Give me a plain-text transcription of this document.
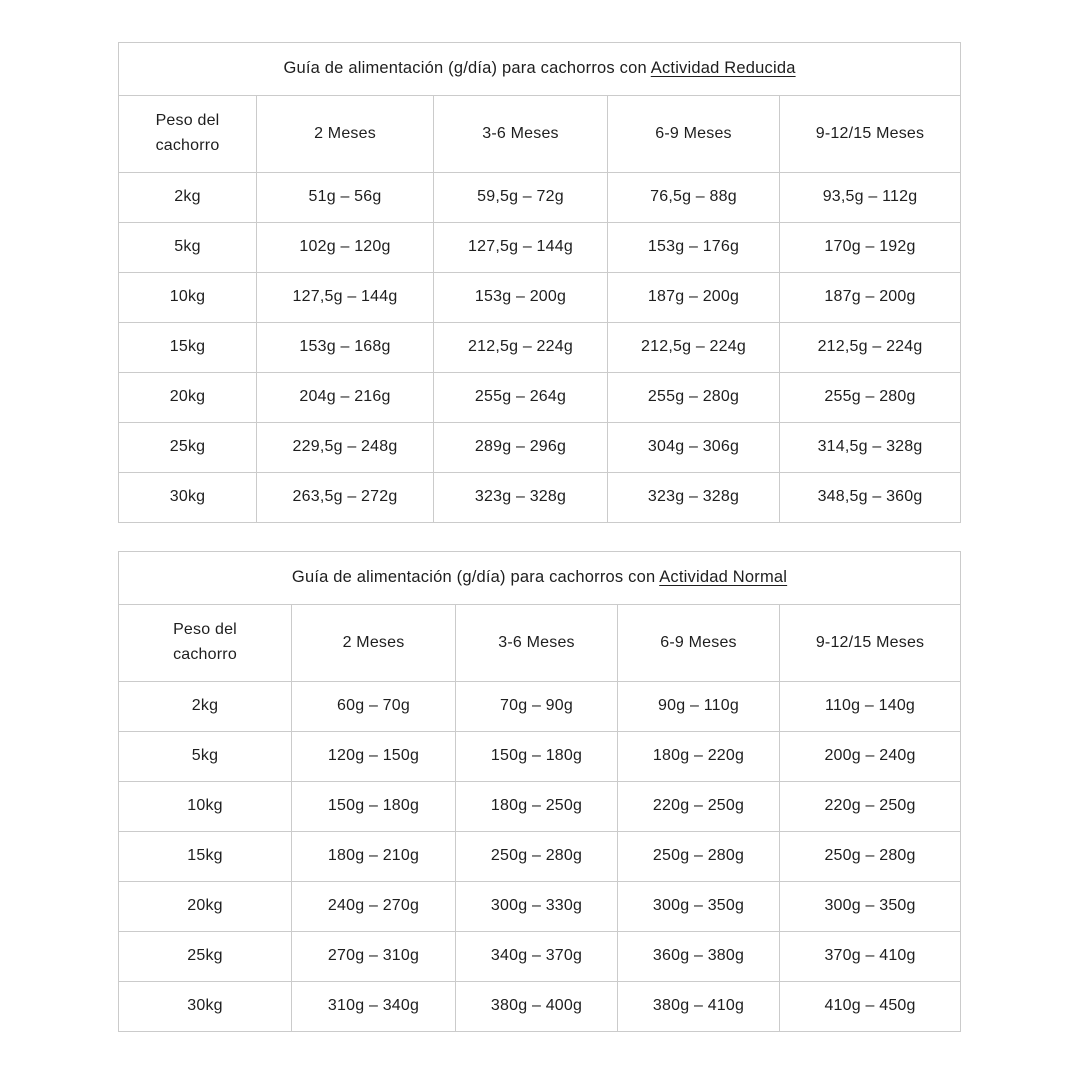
Guía de alimentación (g/día) para cachorros con Actividad Reducida				
Peso del cachorro	2 Meses	3-6 Meses	6-9 Meses	9-12/15 Meses
2kg	51g – 56g	59,5g – 72g	76,5g – 88g	93,5g – 112g
5kg	102g – 120g	127,5g – 144g	153g – 176g	170g – 192g
10kg	127,5g – 144g	153g – 200g	187g – 200g	187g – 200g
15kg	153g – 168g	212,5g – 224g	212,5g – 224g	212,5g – 224g
20kg	204g – 216g	255g – 264g	255g – 280g	255g – 280g
25kg	229,5g – 248g	289g – 296g	304g – 306g	314,5g – 328g
30kg	263,5g – 272g	323g – 328g	323g – 328g	348,5g – 360g
Guía de alimentación (g/día) para cachorros con Actividad Normal				
Peso del cachorro	2 Meses	3-6 Meses	6-9 Meses	9-12/15 Meses
2kg	60g – 70g	70g – 90g	90g – 110g	110g – 140g
5kg	120g – 150g	150g – 180g	180g – 220g	200g – 240g
10kg	150g – 180g	180g – 250g	220g – 250g	220g – 250g
15kg	180g – 210g	250g – 280g	250g – 280g	250g – 280g
20kg	240g – 270g	300g – 330g	300g – 350g	300g – 350g
25kg	270g – 310g	340g – 370g	360g – 380g	370g – 410g
30kg	310g – 340g	380g – 400g	380g – 410g	410g – 450g
